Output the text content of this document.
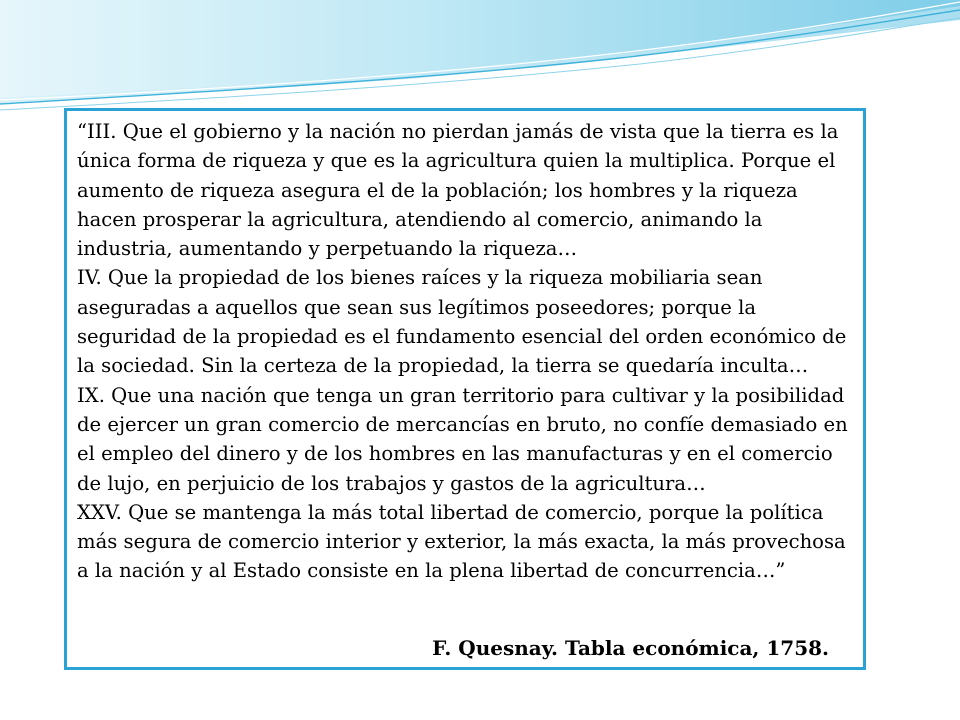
“III. Que el gobierno y la nación no pierdan jamás de vista que la tierra es la única forma de riqueza y que es la agricultura quien la multiplica. Porque el aumento de riqueza asegura el de la población; los hombres y la riqueza hacen prosperar la agricultura, atendiendo al comercio, animando la industria, aumentando y perpetuando la riqueza…

IV. Que la propiedad de los bienes raíces y la riqueza mobiliaria sean aseguradas a aquellos que sean sus legítimos poseedores; porque la seguridad de la propiedad es el fundamento esencial del orden económico de la sociedad. Sin la certeza de la propiedad, la tierra se quedaría inculta…

IX. Que una nación que tenga un gran territorio para cultivar y la posibilidad de ejercer un gran comercio de mercancías en bruto, no confíe demasiado en el empleo del dinero y de los hombres en las manufacturas y en el comercio de lujo, en perjuicio de los trabajos y gastos de la agricultura…

XXV. Que se mantenga la más total libertad de comercio, porque la política más segura de comercio interior y exterior, la más exacta, la más provechosa a la nación y al Estado consiste en la plena libertad de concurrencia…”

F. Quesnay. Tabla económica, 1758.
